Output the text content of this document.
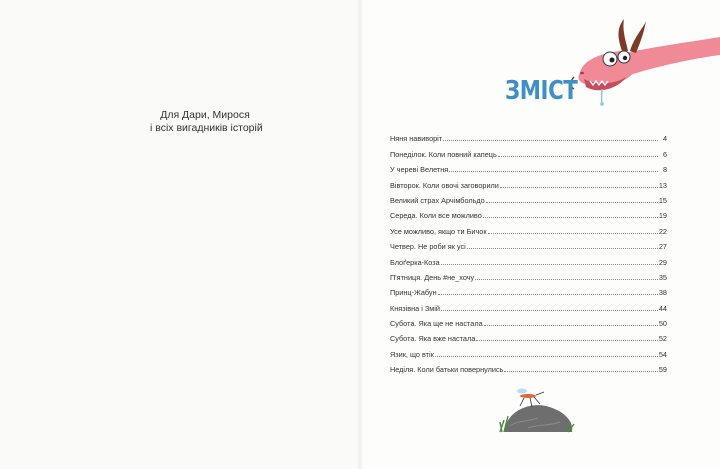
Для Дари, Мирося
і всіх вигадників історій
ЗМІСТ
Няня навиворіт	4
Понеділок. Коли повний капець	6
У череві Велетня	8
Вівторок. Коли овочі заговорили	13
Великий страх Арчімбольдо	15
Середа. Коли все можливо	19
Усе можливо, якщо ти Бичок	22
Четвер. Не роби як усі	27
Блоґерка-Коза	29
П'ятниця. День #не_хочу	35
Принц-Жабун	38
Князівна і Змій	44
Субота. Яка ще не настала	50
Субота. Яка вже настала	52
Язик, що втік	54
Неділя. Коли батьки повернулись	59
